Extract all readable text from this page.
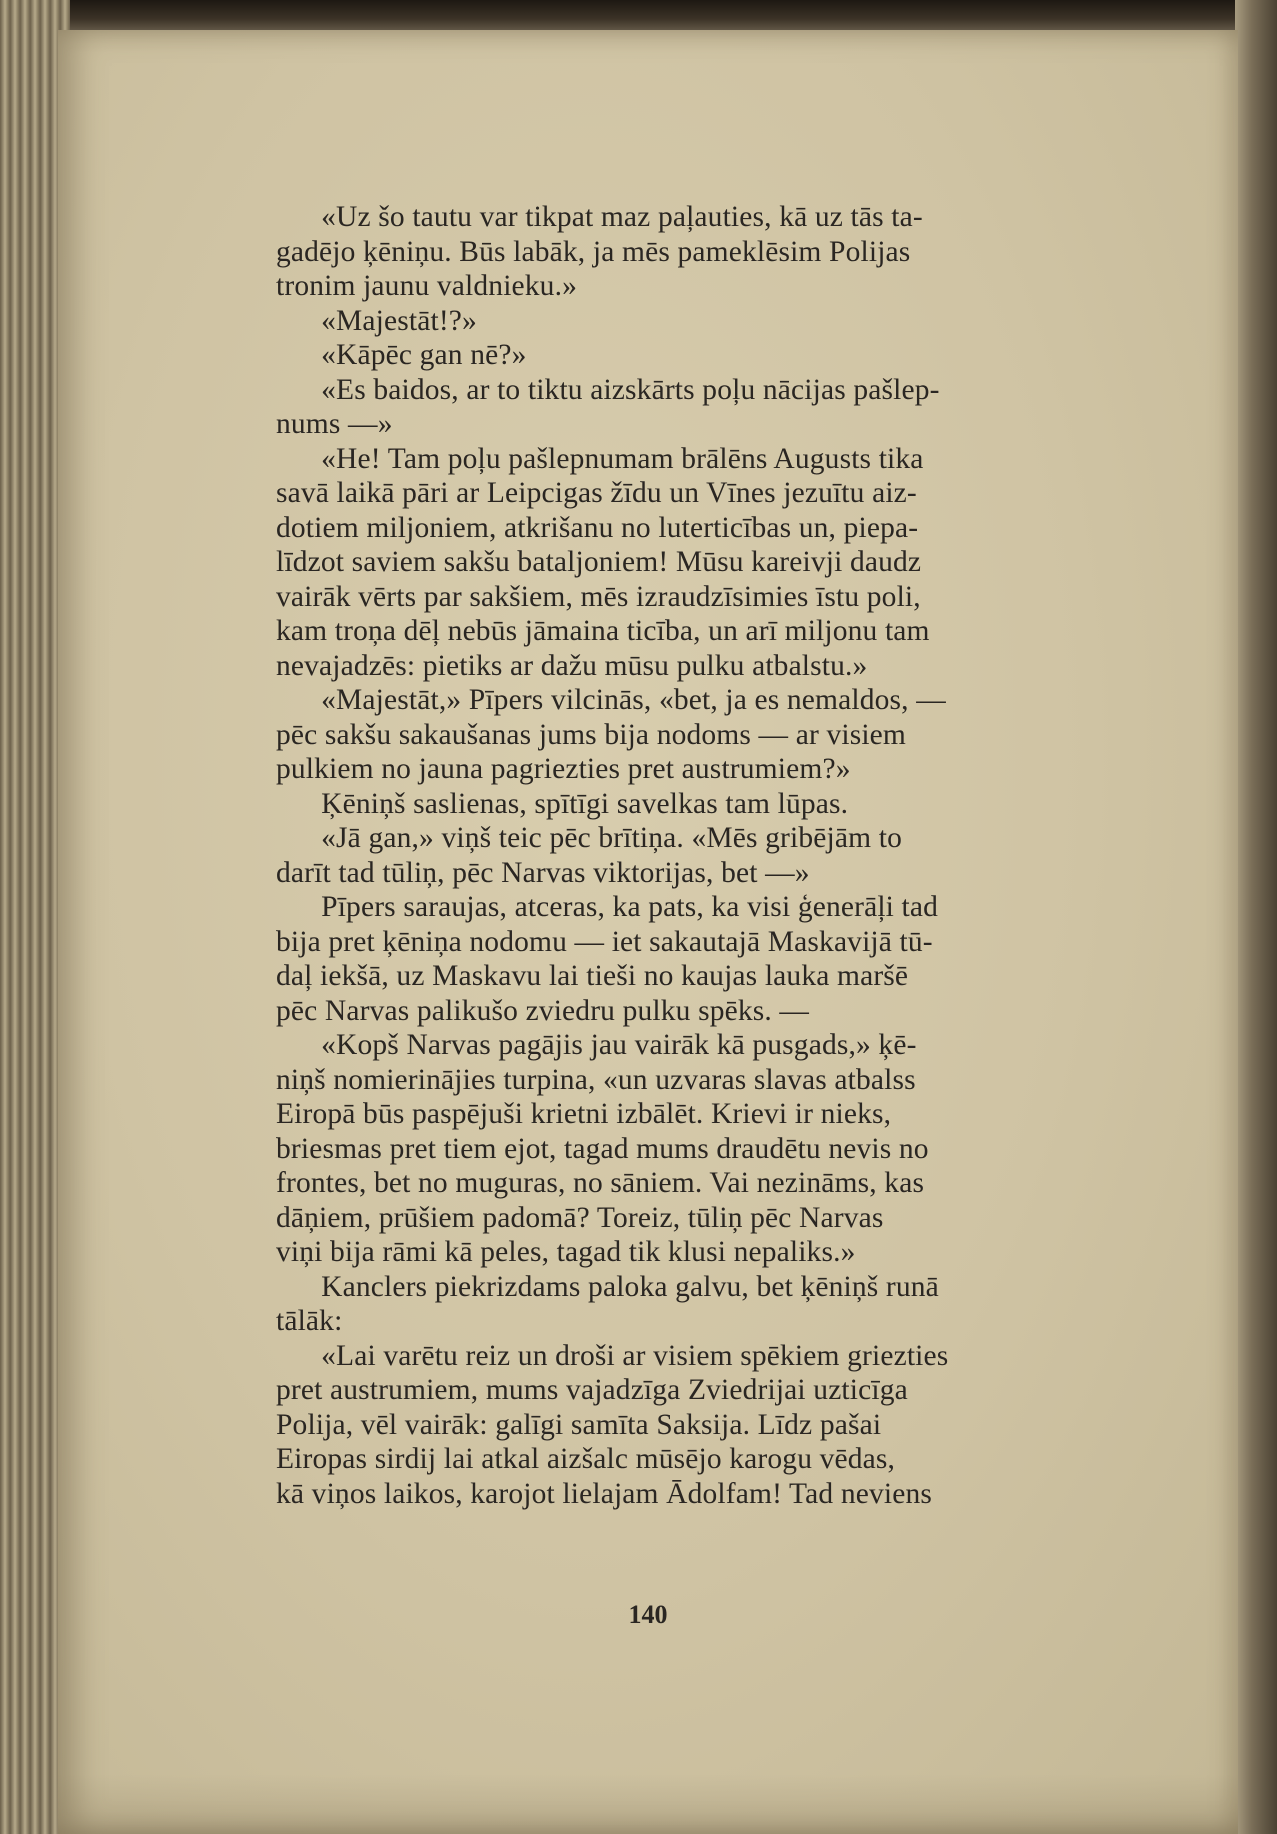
«Uz šo tautu var tikpat maz paļauties, kā uz tās ta-
gadējo ķēniņu. Būs labāk, ja mēs pameklēsim Polijas
tronim jaunu valdnieku.»
«Majestāt!?»
«Kāpēc gan nē?»
«Es baidos, ar to tiktu aizskārts poļu nācijas pašlep-
nums —»
«He! Tam poļu pašlepnumam brālēns Augusts tika
savā laikā pāri ar Leipcigas žīdu un Vīnes jezuītu aiz-
dotiem miljoniem, atkrišanu no luterticības un, piepa-
līdzot saviem sakšu bataljoniem! Mūsu kareivji daudz
vairāk vērts par sakšiem, mēs izraudzīsimies īstu poli,
kam troņa dēļ nebūs jāmaina ticība, un arī miljonu tam
nevajadzēs: pietiks ar dažu mūsu pulku atbalstu.»
«Majestāt,» Pīpers vilcinās, «bet, ja es nemaldos, —
pēc sakšu sakaušanas jums bija nodoms — ar visiem
pulkiem no jauna pagriezties pret austrumiem?»
Ķēniņš saslienas, spītīgi savelkas tam lūpas.
«Jā gan,» viņš teic pēc brītiņa. «Mēs gribējām to
darīt tad tūliņ, pēc Narvas viktorijas, bet —»
Pīpers saraujas, atceras, ka pats, ka visi ģenerāļi tad
bija pret ķēniņa nodomu — iet sakautajā Maskavijā tū-
daļ iekšā, uz Maskavu lai tieši no kaujas lauka maršē
pēc Narvas palikušo zviedru pulku spēks. —
«Kopš Narvas pagājis jau vairāk kā pusgads,» ķē-
niņš nomierinājies turpina, «un uzvaras slavas atbalss
Eiropā būs paspējuši krietni izbālēt. Krievi ir nieks,
briesmas pret tiem ejot, tagad mums draudētu nevis no
frontes, bet no muguras, no sāniem. Vai nezināms, kas
dāņiem, prūšiem padomā? Toreiz, tūliņ pēc Narvas
viņi bija rāmi kā peles, tagad tik klusi nepaliks.»
Kanclers piekrizdams paloka galvu, bet ķēniņš runā
tālāk:
«Lai varētu reiz un droši ar visiem spēkiem griezties
pret austrumiem, mums vajadzīga Zviedrijai uzticīga
Polija, vēl vairāk: galīgi samīta Saksija. Līdz pašai
Eiropas sirdij lai atkal aizšalc mūsējo karogu vēdas,
kā viņos laikos, karojot lielajam Ādolfam! Tad neviens
140
